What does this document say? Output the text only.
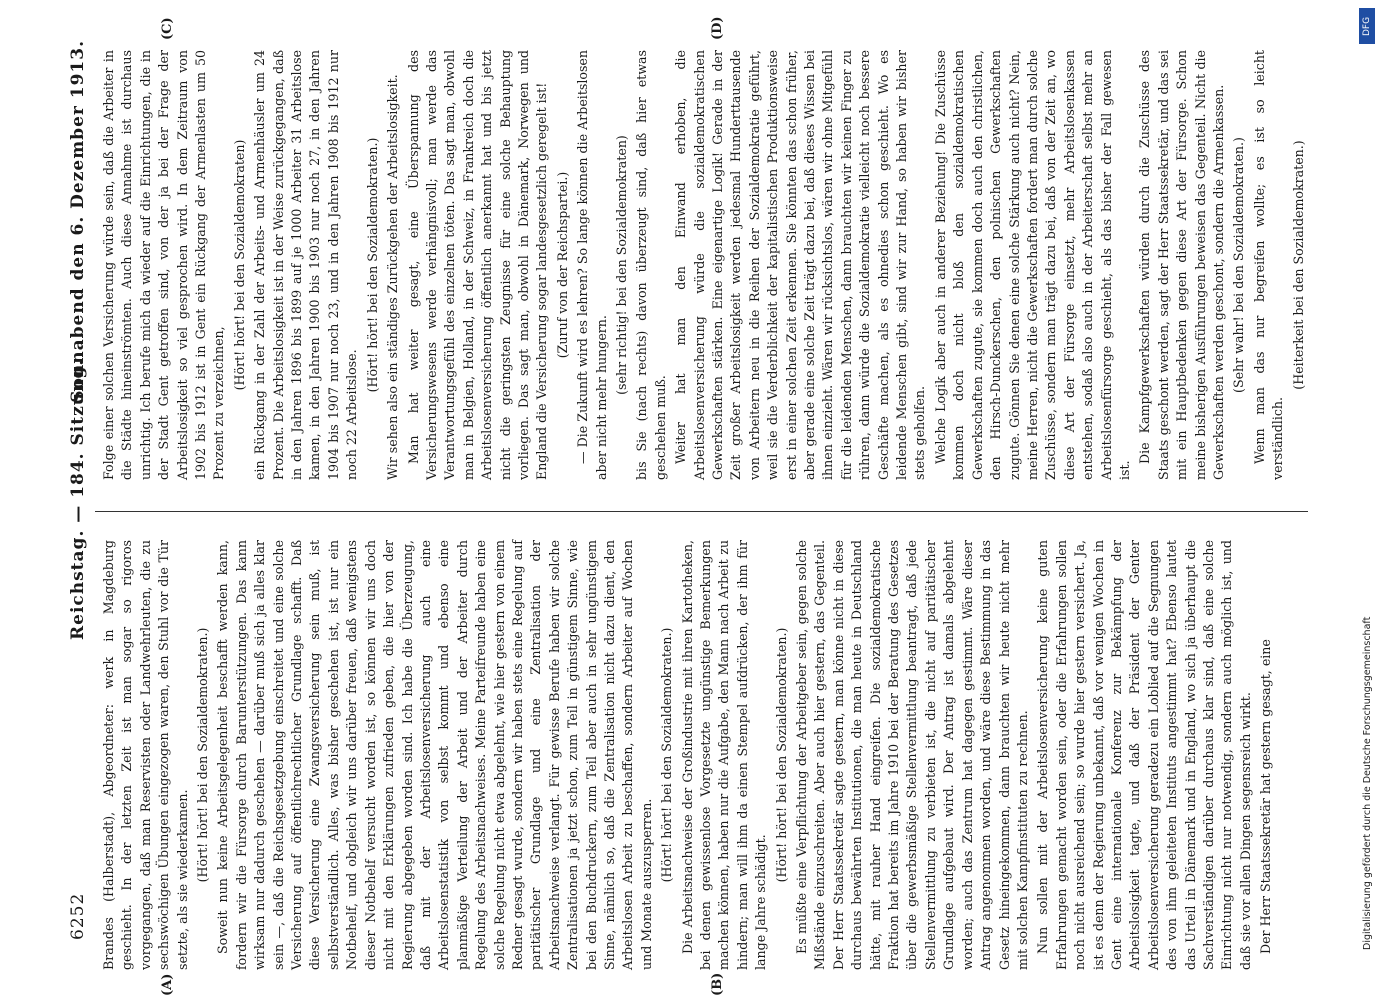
6252
Reichstag. — 184. Sitzung.
Sonnabend den 6. Dezember 1913.
(A)	(B)
(C)	(D)

Brandes (Halberstadt), Abgeordneter: werk in Magdeburg geschieht. In der letzten Zeit ist man sogar so rigoros vorgegangen, daß man Reservisten oder Landwehrleuten, die zu sechswöchigen Übungen eingezogen waren, den Stuhl vor die Tür setzte, als sie wiederkamen. (Hört! hört! bei den Sozialdemokraten.) Soweit nun keine Arbeitsgelegenheit beschafft werden kann, fordern wir die Fürsorge durch Barunterstützungen. Das kann wirksam nur dadurch geschehen — darüber muß sich ja alles klar sein —, daß die Reichsgesetzgebung einschreitet und eine solche Versicherung auf öffentlichrechtlicher Grundlage schafft. Daß diese Versicherung eine Zwangsversicherung sein muß, ist selbstverständlich. Alles, was bisher geschehen ist, ist nur ein Notbehelf, und obgleich wir uns darüber freuen, daß wenigstens dieser Notbehelf versucht worden ist, so können wir uns doch nicht mit den Erklärungen zufrieden geben, die hier von der Regierung abgegeben worden sind. Ich habe die Überzeugung, daß mit der Arbeitslosenversicherung auch eine Arbeitslosenstatistik von selbst kommt und ebenso eine planmäßige Verteilung der Arbeit und der Arbeiter durch Regelung des Arbeitsnachweises. Meine Parteifreunde haben eine solche Regelung nicht etwa abgelehnt, wie hier gestern von einem Redner gesagt wurde, sondern wir haben stets eine Regelung auf paritätischer Grundlage und eine Zentralisation der Arbeitsnachweise verlangt. Für gewisse Berufe haben wir solche Zentralisationen ja jetzt schon, zum Teil in günstigem Sinne, wie bei den Buchdruckern, zum Teil aber auch in sehr ungünstigem Sinne, nämlich so, daß die Zentralisation nicht dazu dient, den Arbeitslosen Arbeit zu beschaffen, sondern Arbeiter auf Wochen und Monate auszusperren.

(Hört! hört! bei den Sozialdemokraten.) Die Arbeitsnachweise der Großindustrie mit ihren Kartotheken, bei denen gewissenlose Vorgesetzte ungünstige Bemerkungen machen können, haben nur die Aufgabe, den Mann nach Arbeit zu hindern; man will ihm da einen Stempel aufdrücken, der ihm für lange Jahre schädigt.

(Hört! hört! bei den Sozialdemokraten.) Es müßte eine Verpflichtung der Arbeitgeber sein, gegen solche Mißstände einzuschreiten. Aber auch hier gestern, das Gegenteil. Der Herr Staatssekretär sagte gestern, man könne nicht in diese durchaus bewährten Institutionen, die man heute in Deutschland hätte, mit rauher Hand eingreifen. Die sozialdemokratische Fraktion hat bereits im Jahre 1910 bei der Beratung des Gesetzes über die gewerbsmäßige Stellenvermittlung beantragt, daß jede Stellenvermittlung zu verbieten ist, die nicht auf paritätischer Grundlage aufgebaut wird. Der Antrag ist damals abgelehnt worden; auch das Zentrum hat dagegen gestimmt. Wäre dieser Antrag angenommen worden, und wäre diese Bestimmung in das Gesetz hineingekommen, dann brauchten wir heute nicht mehr mit solchen Kampfinstituten zu rechnen. Nun sollen mit der Arbeitslosenversicherung keine guten Erfahrungen gemacht worden sein, oder die Erfahrungen sollen noch nicht ausreichend sein; so wurde hier gestern versichert. Ja, ist es denn der Regierung unbekannt, daß vor wenigen Wochen in Gent eine internationale Konferenz zur Bekämpfung der Arbeitslosigkeit tagte, und daß der Präsident der Genter Arbeitslosenversicherung geradezu ein Loblied auf die Segnungen des von ihm geleiteten Instituts angestimmt hat? Ebenso lautet das Urteil in Dänemark und in England, wo sich ja überhaupt die Sachverständigen darüber durchaus klar sind, daß eine solche Einrichtung nicht nur notwendig, sondern auch möglich ist, und daß sie vor allen Dingen segensreich wirkt. Der Herr Staatssekretär hat gestern gesagt, eine

Folge einer solchen Versicherung würde sein, daß die Arbeiter in die Städte hineinströmten. Auch diese Annahme ist durchaus unrichtig. Ich berufe mich da wieder auf die Einrichtungen, die in der Stadt Gent getroffen sind, von der ja bei der Frage der Arbeitslosigkeit so viel gesprochen wird. In dem Zeitraum von 1902 bis 1912 ist in Gent ein Rückgang der Armenlasten um 50 Prozent zu verzeichnen,

(Hört! hört! bei den Sozialdemokraten) ein Rückgang in der Zahl der Arbeits- und Armenhäusler um 24 Prozent. Die Arbeitslosigkeit ist in der Weise zurückgegangen, daß in den Jahren 1896 bis 1899 auf je 1000 Arbeiter 31 Arbeitslose kamen, in den Jahren 1900 bis 1903 nur noch 27, in den Jahren 1904 bis 1907 nur noch 23, und in den Jahren 1908 bis 1912 nur noch 22 Arbeitslose.

(Hört! hört! bei den Sozialdemokraten.) Wir sehen also ein ständiges Zurückgehen der Arbeitslosigkeit. Man hat weiter gesagt, eine Überspannung des Versicherungswesens werde verhängnisvoll; man werde das Verantwortungsgefühl des einzelnen töten. Das sagt man, obwohl man in Belgien, Holland, in der Schweiz, in Frankreich doch die Arbeitslosenversicherung öffentlich anerkannt hat und bis jetzt nicht die geringsten Zeugnisse für eine solche Behauptung vorliegen. Das sagt man, obwohl in Dänemark, Norwegen und England die Versicherung sogar landesgesetzlich geregelt ist! (Zuruf von der Reichspartei.) — Die Zukunft wird es lehren? So lange können die Arbeitslosen aber nicht mehr hungern.

(sehr richtig! bei den Sozialdemokraten) bis Sie (nach rechts) davon überzeugt sind, daß hier etwas geschehen muß. Weiter hat man den Einwand erhoben, die Arbeitslosenversicherung würde die sozialdemokratischen Gewerkschaften stärken. Eine eigenartige Logik! Gerade in der Zeit großer Arbeitslosigkeit werden jedesmal Hunderttausende von Arbeitern neu in die Reihen der Sozialdemokratie geführt, weil sie die Verderblichkeit der kapitalistischen Produktionsweise erst in einer solchen Zeit erkennen. Sie könnten das schon früher, aber gerade eine solche Zeit trägt dazu bei, daß dieses Wissen bei ihnen einzieht. Wären wir rücksichtslos, wären wir ohne Mitgefühl für die leidenden Menschen, dann brauchten wir keinen Finger zu rühren, dann würde die Sozialdemokratie vielleicht noch bessere Geschäfte machen, als es ohnedies schon geschieht. Wo es leidende Menschen gibt, sind wir zur Hand, so haben wir bisher stets geholfen. Welche Logik aber auch in anderer Beziehung! Die Zuschüsse kommen doch nicht bloß den sozialdemokratischen Gewerkschaften zugute, sie kommen doch auch den christlichen, den Hirsch-Dunckerschen, den polnischen Gewerkschaften zugute. Gönnen Sie denen eine solche Stärkung auch nicht? Nein, meine Herren, nicht die Gewerkschaften fordert man durch solche Zuschüsse, sondern man trägt dazu bei, daß von der Zeit an, wo diese Art der Fürsorge einsetzt, mehr Arbeitslosenkassen entstehen, sodaß also auch in der Arbeiterschaft selbst mehr an Arbeitslosenfürsorge geschieht, als das bisher der Fall gewesen ist.

Die Kampfgewerkschaften würden durch die Zuschüsse des Staats geschont werden, sagt der Herr Staatssekretär, und das sei mit ein Hauptbedenken gegen diese Art der Fürsorge. Schon meine bisherigen Ausführungen beweisen das Gegenteil. Nicht die Gewerkschaften werden geschont, sondern die Armenkassen. (Sehr wahr! bei den Sozialdemokraten.) Wenn man das nur begreifen wollte; es ist so leicht verständlich.

(Heiterkeit bei den Sozialdemokraten.)

DFG
Digitalisierung gefördert durch die Deutsche Forschungsgemeinschaft
